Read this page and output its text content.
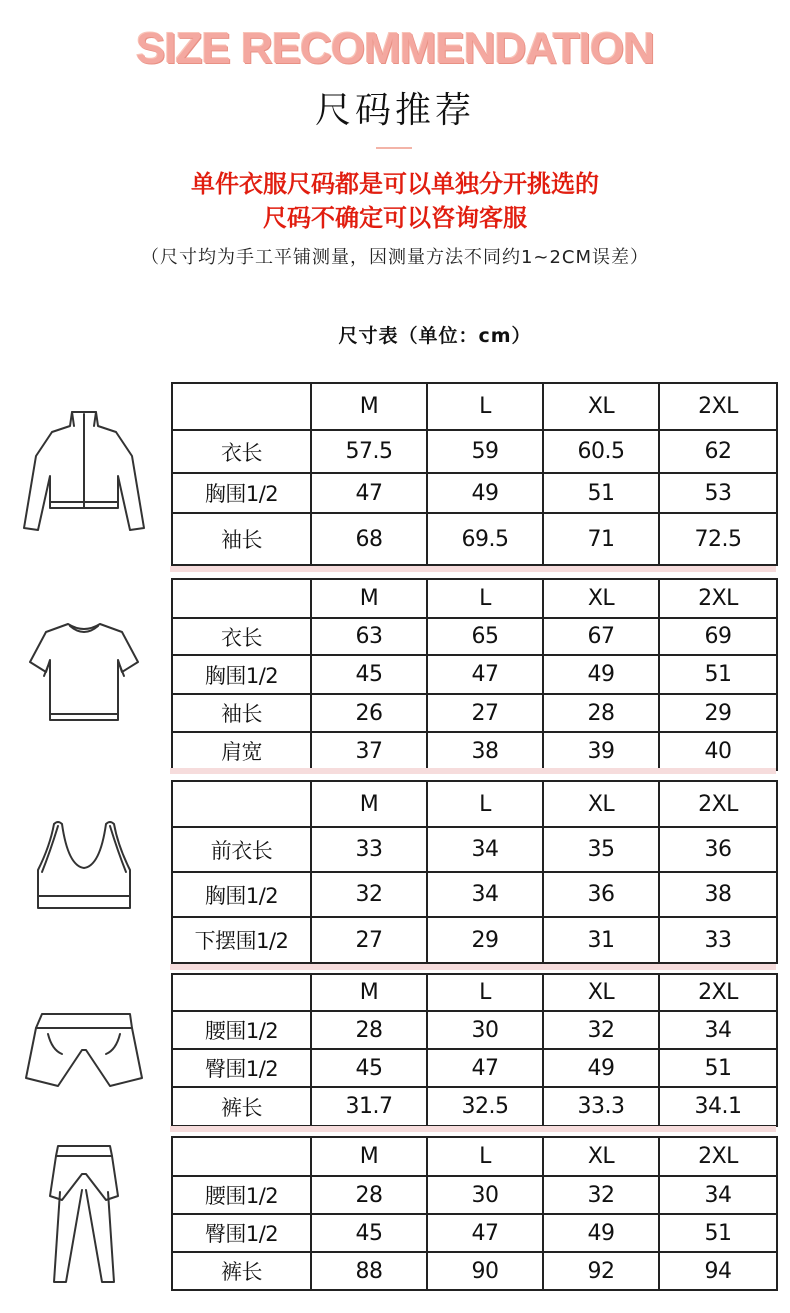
SIZE RECOMMENDATION
尺码推荐
单件衣服尺码都是可以单独分开挑选的
尺码不确定可以咨询客服
（尺寸均为手工平铺测量，因测量方法不同约1~2CM误差）
尺寸表（单位：cm）
	M	L	XL	2XL
衣长	57.5	59	60.5	62
胸围1/2	47	49	51	53
袖长	68	69.5	71	72.5
	M	L	XL	2XL
衣长	63	65	67	69
胸围1/2	45	47	49	51
袖长	26	27	28	29
肩宽	37	38	39	40
	M	L	XL	2XL
前衣长	33	34	35	36
胸围1/2	32	34	36	38
下摆围1/2	27	29	31	33
	M	L	XL	2XL
腰围1/2	28	30	32	34
臀围1/2	45	47	49	51
裤长	31.7	32.5	33.3	34.1
	M	L	XL	2XL
腰围1/2	28	30	32	34
臀围1/2	45	47	49	51
裤长	88	90	92	94
